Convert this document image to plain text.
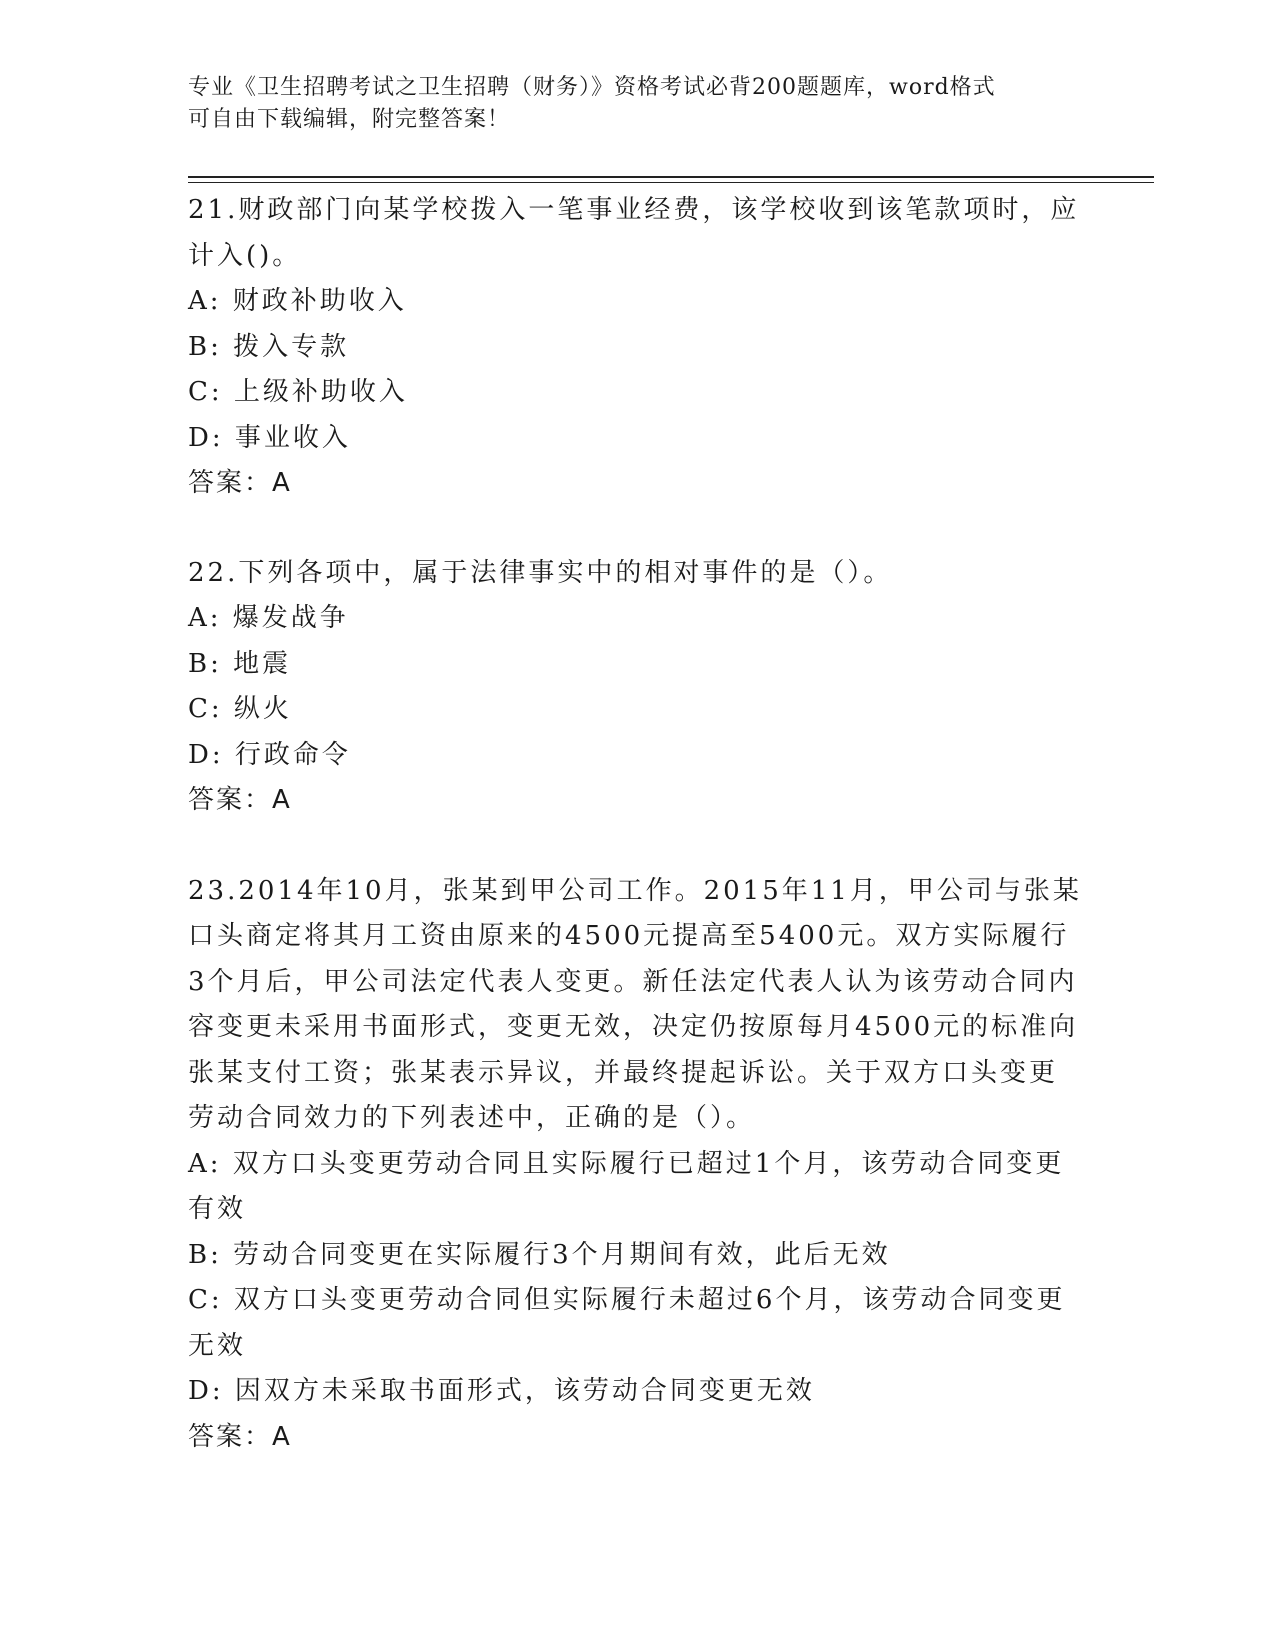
专业《卫生招聘考试之卫生招聘（财务）》资格考试必背200题题库，word格式
可自由下载编辑，附完整答案！

21.财政部门向某学校拨入一笔事业经费，该学校收到该笔款项时，应

计入()。

A: 财政补助收入

B: 拨入专款

C: 上级补助收入

D: 事业收入

答案：A

22.下列各项中，属于法律事实中的相对事件的是（）。

A: 爆发战争

B: 地震

C: 纵火

D: 行政命令

答案：A

23.2014年10月，张某到甲公司工作。2015年11月，甲公司与张某

口头商定将其月工资由原来的4500元提高至5400元。双方实际履行

3个月后，甲公司法定代表人变更。新任法定代表人认为该劳动合同内

容变更未采用书面形式，变更无效，决定仍按原每月4500元的标准向

张某支付工资；张某表示异议，并最终提起诉讼。关于双方口头变更

劳动合同效力的下列表述中，正确的是（）。

A: 双方口头变更劳动合同且实际履行已超过1个月，该劳动合同变更

有效

B: 劳动合同变更在实际履行3个月期间有效，此后无效

C: 双方口头变更劳动合同但实际履行未超过6个月，该劳动合同变更

无效

D: 因双方未采取书面形式，该劳动合同变更无效

答案：A
